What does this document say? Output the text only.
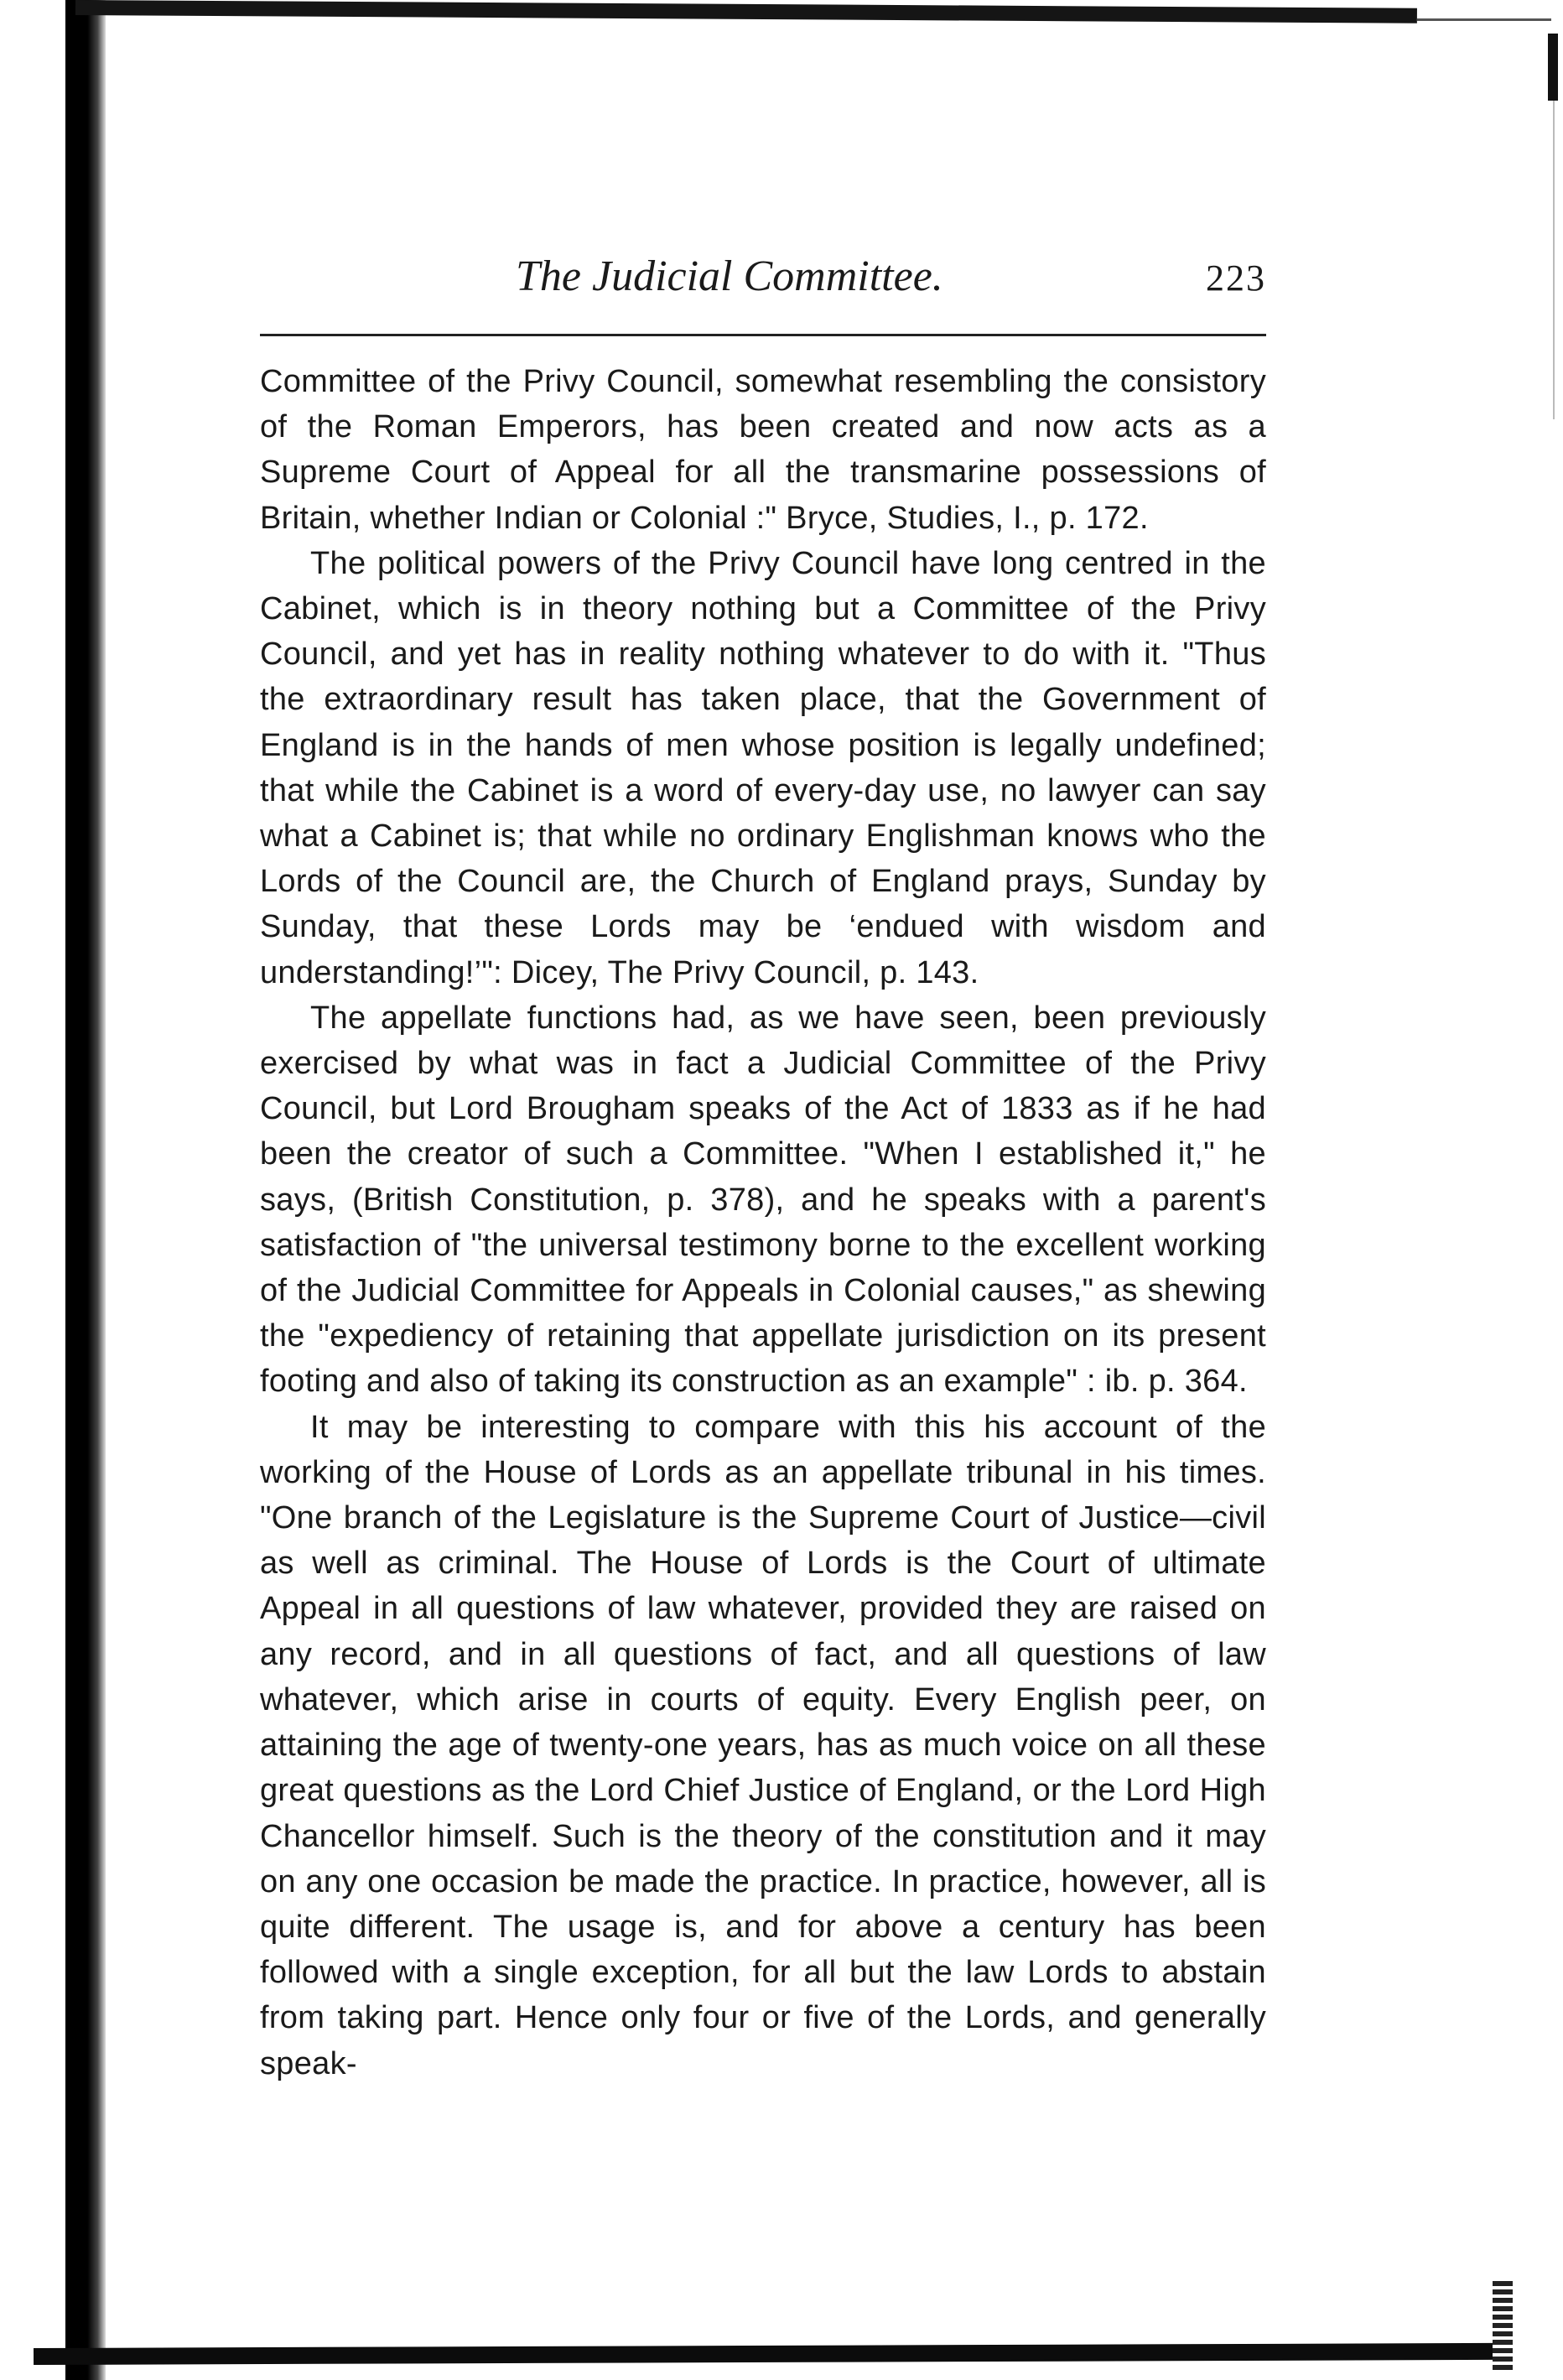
The Judicial Committee.	223

Committee of the Privy Council, somewhat resembling the consistory of the Roman Emperors, has been created and now acts as a Supreme Court of Appeal for all the transmarine possessions of Britain, whether Indian or Colonial :" Bryce, Studies, I., p. 172.

The political powers of the Privy Council have long centred in the Cabinet, which is in theory nothing but a Committee of the Privy Council, and yet has in reality nothing whatever to do with it. "Thus the extraordinary result has taken place, that the Government of England is in the hands of men whose position is legally undefined; that while the Cabinet is a word of every-day use, no lawyer can say what a Cabinet is; that while no ordinary Englishman knows who the Lords of the Council are, the Church of England prays, Sunday by Sunday, that these Lords may be ‘endued with wisdom and understanding!’": Dicey, The Privy Council, p. 143.

The appellate functions had, as we have seen, been previously exercised by what was in fact a Judicial Committee of the Privy Council, but Lord Brougham speaks of the Act of 1833 as if he had been the creator of such a Committee. "When I established it," he says, (British Constitution, p. 378), and he speaks with a parent's satisfaction of "the universal testimony borne to the excellent working of the Judicial Committee for Appeals in Colonial causes," as shewing the "expediency of retaining that appellate jurisdiction on its present footing and also of taking its construction as an example" : ib. p. 364.

It may be interesting to compare with this his account of the working of the House of Lords as an appellate tribunal in his times. "One branch of the Legislature is the Supreme Court of Justice—civil as well as criminal. The House of Lords is the Court of ultimate Appeal in all questions of law whatever, provided they are raised on any record, and in all questions of fact, and all questions of law whatever, which arise in courts of equity. Every English peer, on attaining the age of twenty-one years, has as much voice on all these great questions as the Lord Chief Justice of England, or the Lord High Chancellor himself. Such is the theory of the constitution and it may on any one occasion be made the practice. In practice, however, all is quite different. The usage is, and for above a century has been followed with a single exception, for all but the law Lords to abstain from taking part. Hence only four or five of the Lords, and generally speak-
